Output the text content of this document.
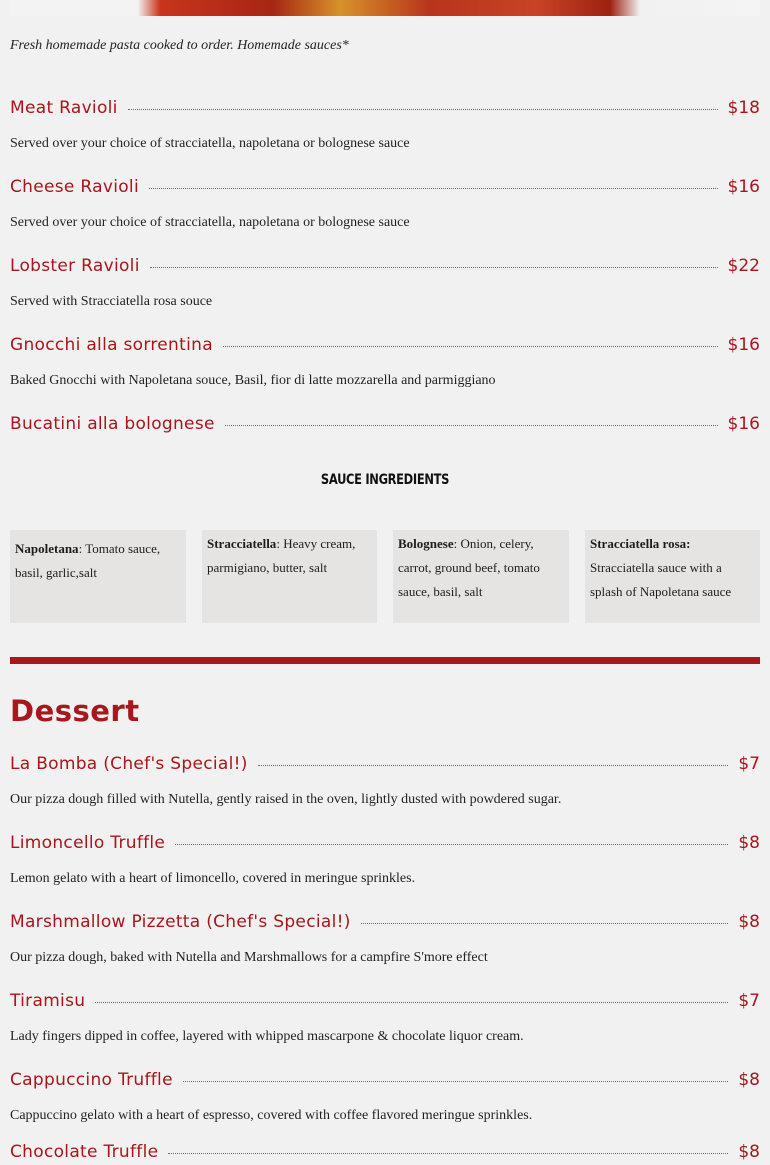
Fresh homemade pasta cooked to order. Homemade sauces*
Meat Ravioli	$18
Served over your choice of stracciatella, napoletana or bolognese sauce
Cheese Ravioli	$16
Served over your choice of stracciatella, napoletana or bolognese sauce
Lobster Ravioli	$22
Served with Stracciatella rosa souce
Gnocchi alla sorrentina	$16
Baked Gnocchi with Napoletana souce, Basil, fior di latte mozzarella and parmiggiano
Bucatini alla bolognese	$16
SAUCE INGREDIENTS
Napoletana: Tomato sauce, basil, garlic,salt
Stracciatella: Heavy cream, parmigiano, butter, salt
Bolognese: Onion, celery, carrot, ground beef, tomato sauce, basil, salt
Stracciatella rosa: Stracciatella sauce with a splash of Napoletana sauce
Dessert
La Bomba (Chef's Special!)	$7
Our pizza dough filled with Nutella, gently raised in the oven, lightly dusted with powdered sugar.
Limoncello Truffle	$8
Lemon gelato with a heart of limoncello, covered in meringue sprinkles.
Marshmallow Pizzetta (Chef's Special!)	$8
Our pizza dough, baked with Nutella and Marshmallows for a campfire S'more effect
Tiramisu	$7
Lady fingers dipped in coffee, layered with whipped mascarpone & chocolate liquor cream.
Cappuccino Truffle	$8
Cappuccino gelato with a heart of espresso, covered with coffee flavored meringue sprinkles.
Chocolate Truffle	$8
